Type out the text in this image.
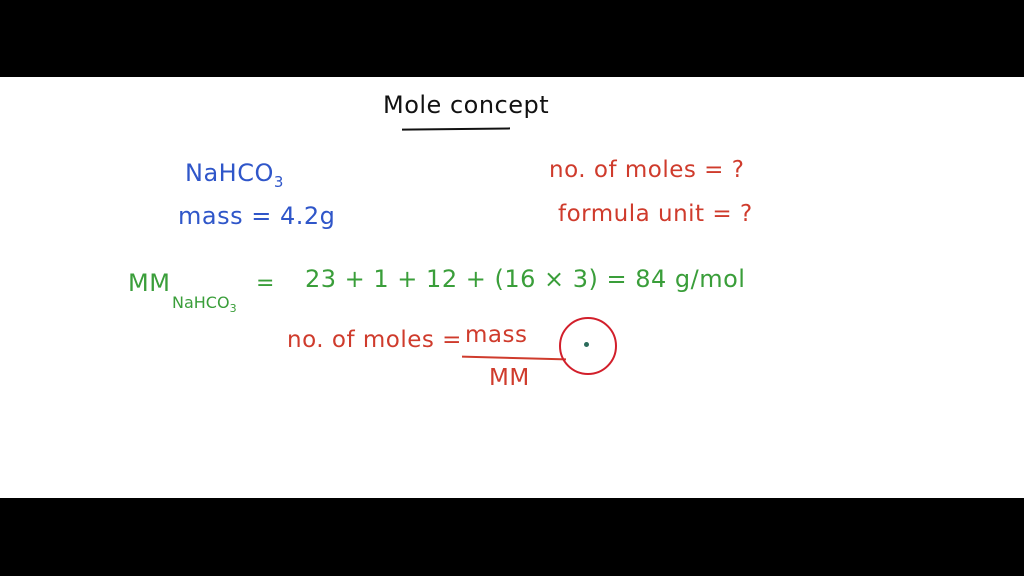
Mole concept
NaHCO$_3$
mass = 4.2g
no. of moles = ?
formula unit = ?
MM
NaHCO$_3$
= 23 + 1 + 12 + (16 × 3) = 84 g/mol
no. of moles = mass
MM
